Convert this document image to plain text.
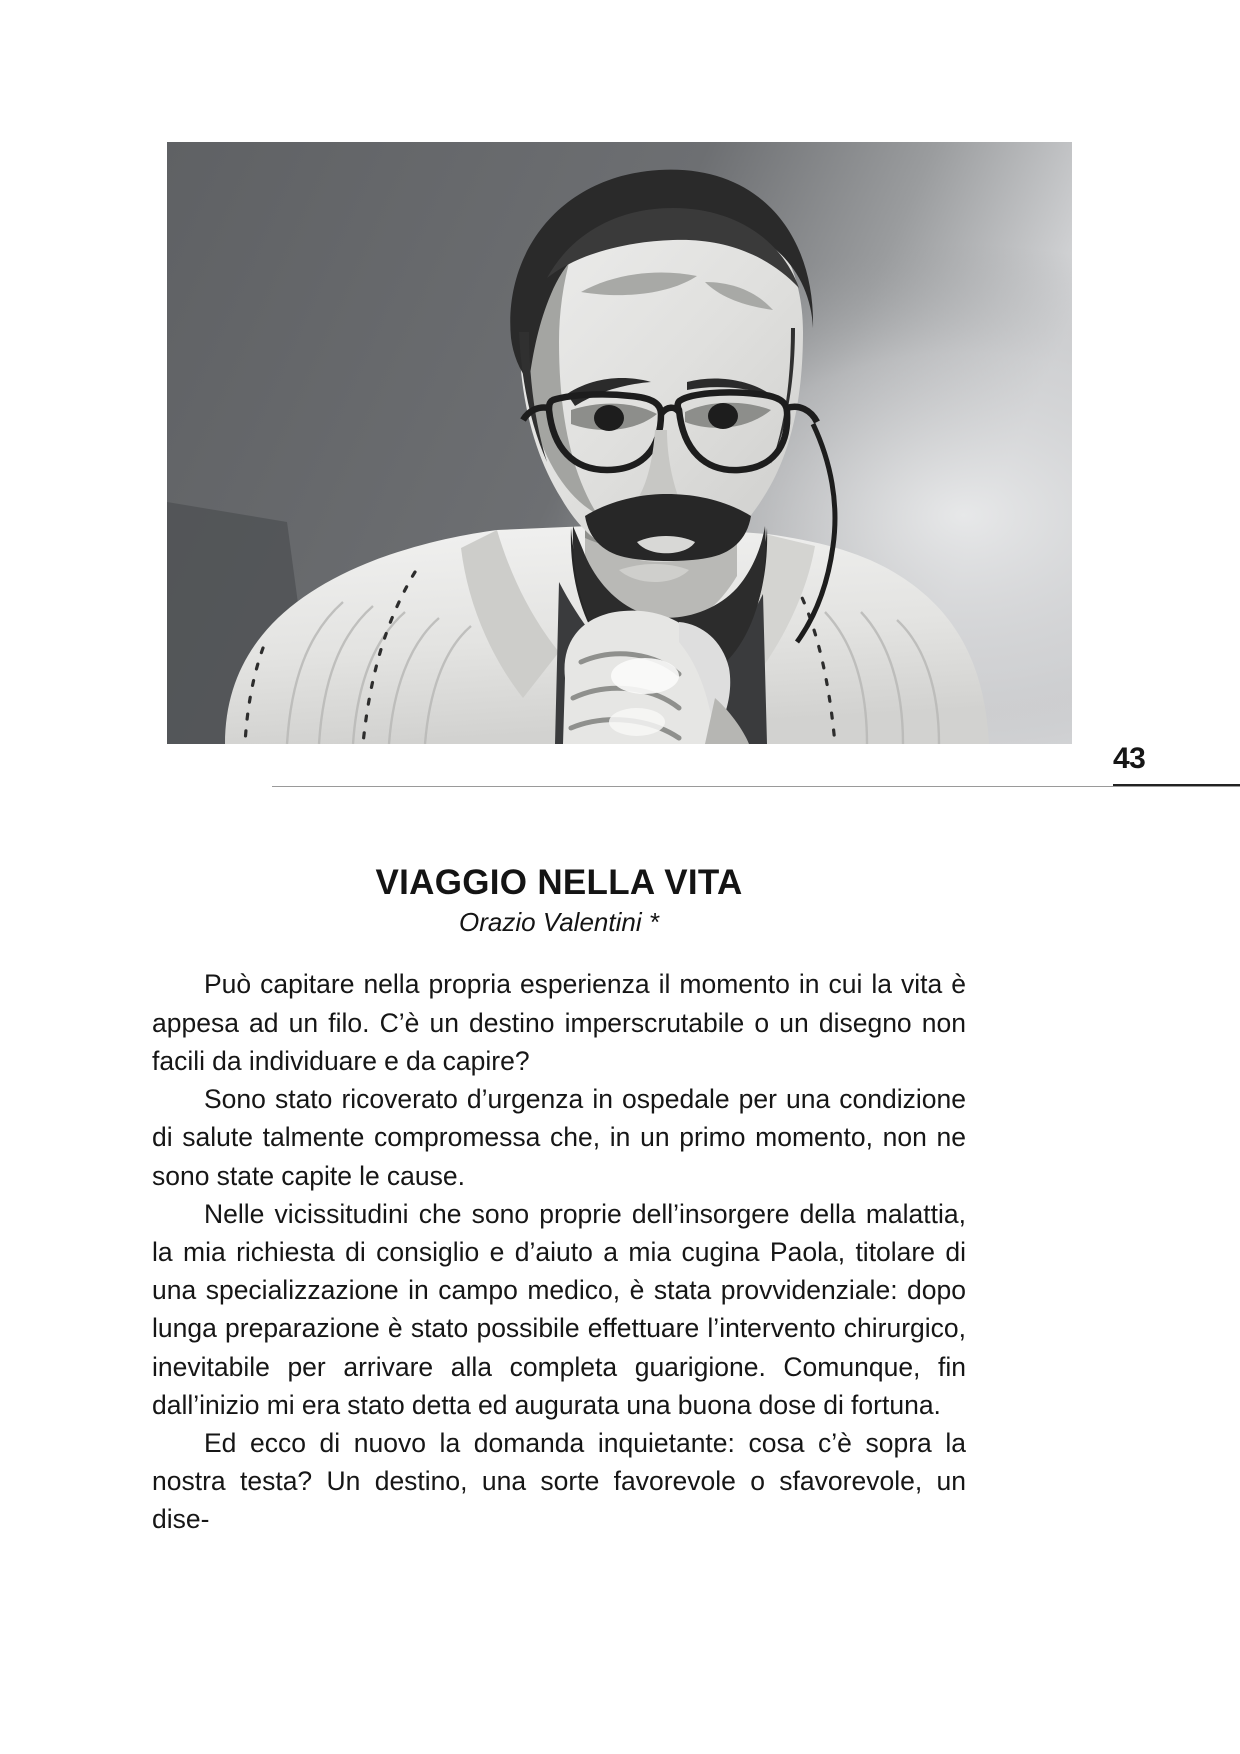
43
VIAGGIO NELLA VITA
Orazio Valentini *

Può capitare nella propria esperienza il momento in cui la vita è appesa ad un filo. C’è un destino imperscrutabile o un disegno non facili da individuare e da capire?

Sono stato ricoverato d’urgenza in ospedale per una condizione di salute talmente compromessa che, in un primo momento, non ne sono state capite le cause.

Nelle vicissitudini che sono proprie dell’insorgere della malattia, la mia richiesta di consiglio e d’aiuto a mia cugina Paola, titolare di una specializzazione in campo medico, è stata provvidenziale: dopo lunga preparazione è stato possibile effettuare l’intervento chirurgico, inevitabile per arrivare alla completa guarigione. Comunque, fin dall’inizio mi era stato detta ed augurata una buona dose di fortuna.

Ed ecco di nuovo la domanda inquietante: cosa c’è sopra la nostra testa? Un destino, una sorte favorevole o sfavorevole, un dise-
